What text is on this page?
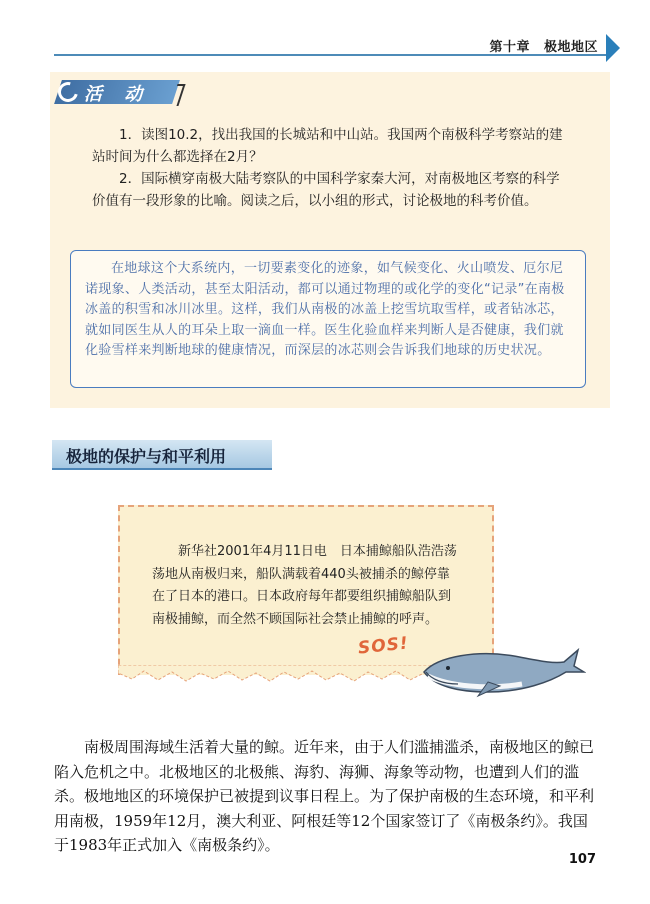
第十章 极地地区
活 动

1．读图10.2，找出我国的长城站和中山站。我国两个南极科学考察站的建站时间为什么都选择在2月？

2．国际横穿南极大陆考察队的中国科学家秦大河，对南极地区考察的科学价值有一段形象的比喻。阅读之后，以小组的形式，讨论极地的科考价值。

在地球这个大系统内，一切要素变化的迹象，如气候变化、火山喷发、厄尔尼诺现象、人类活动，甚至太阳活动，都可以通过物理的或化学的变化“记录”在南极冰盖的积雪和冰川冰里。这样，我们从南极的冰盖上挖雪坑取雪样，或者钻冰芯，就如同医生从人的耳朵上取一滴血一样。医生化验血样来判断人是否健康，我们就化验雪样来判断地球的健康情况，而深层的冰芯则会告诉我们地球的历史状况。

极地的保护与和平利用

新华社2001年4月11日电　日本捕鲸船队浩浩荡荡地从南极归来，船队满载着440头被捕杀的鲸停靠在了日本的港口。日本政府每年都要组织捕鲸船队到南极捕鲸，而全然不顾国际社会禁止捕鲸的呼声。

SOS!

南极周围海域生活着大量的鲸。近年来，由于人们滥捕滥杀，南极地区的鲸已陷入危机之中。北极地区的北极熊、海豹、海狮、海象等动物，也遭到人们的滥杀。极地地区的环境保护已被提到议事日程上。为了保护南极的生态环境，和平利用南极，1959年12月，澳大利亚、阿根廷等12个国家签订了《南极条约》。我国于1983年正式加入《南极条约》。

107
